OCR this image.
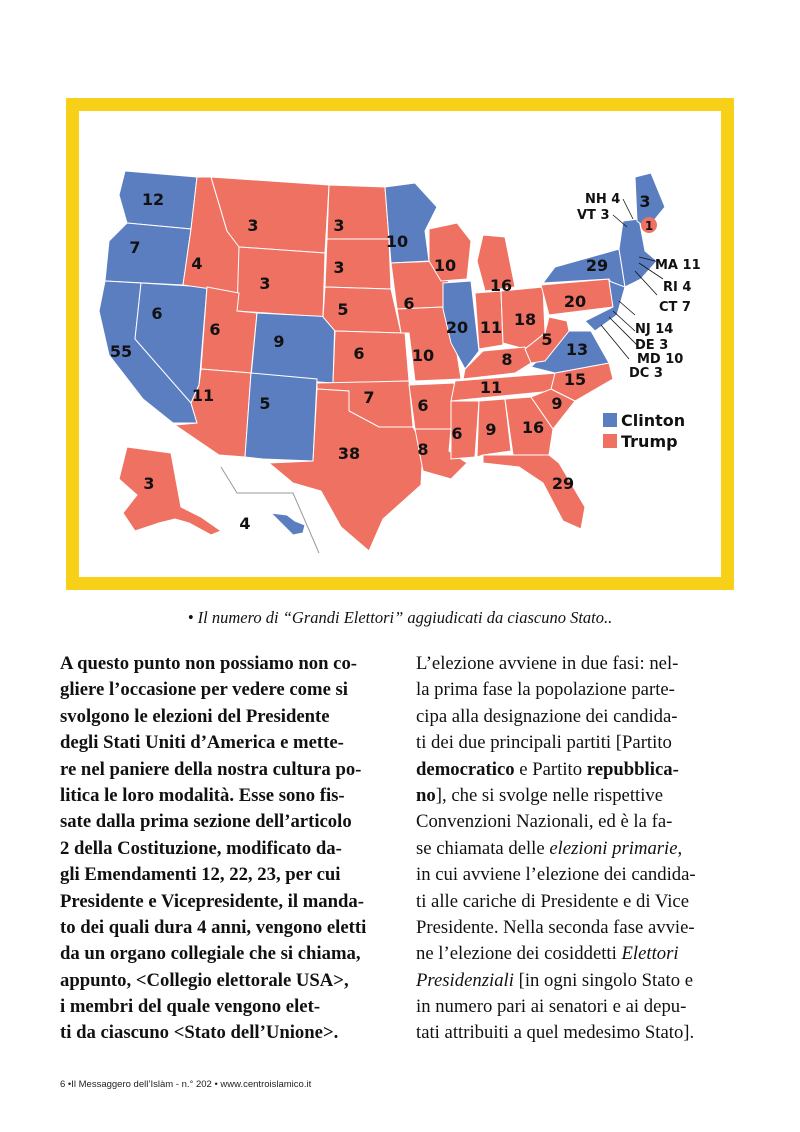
12
7
55
6
4
3
3
6
9
11	5
3
3
5
6
7
38
10
6
10
6
8
10
20
16
11 18
8
11
6 9 16
29
9
15
13
5
20
29
3
1
3
4
NH 4
VT 3
MA 11
RI 4
CT 7
NJ 14
DE 3
MD 10
DC 3
Clinton
Trump
• Il numero di “Grandi Elettori” aggiudicati da ciascuno Stato..
A questo punto non possiamo non co-
gliere l’occasione per vedere come si
svolgono le elezioni del Presidente
degli Stati Uniti d’America e mette-
re nel paniere della nostra cultura po-
litica le loro modalità. Esse sono fis-
sate dalla prima sezione dell’articolo
2 della Costituzione, modificato da-
gli Emendamenti 12, 22, 23, per cui
Presidente e Vicepresidente, il manda-
to dei quali dura 4 anni, vengono eletti
da un organo collegiale che si chiama,
appunto, <Collegio elettorale USA>,
i membri del quale vengono elet-
ti da ciascuno <Stato dell’Unione>.
L’elezione avviene in due fasi: nel-
la prima fase la popolazione parte-
cipa alla designazione dei candida-
ti dei due principali partiti [Partito
democratico e Partito repubblica-
no], che si svolge nelle rispettive
Convenzioni Nazionali, ed è la fa-
se chiamata delle elezioni primarie,
in cui avviene l’elezione dei candida-
ti alle cariche di Presidente e di Vice
Presidente. Nella seconda fase avvie-
ne l’elezione dei cosiddetti Elettori
Presidenziali [in ogni singolo Stato e
in numero pari ai senatori e ai depu-
tati attribuiti a quel medesimo Stato].
6 •Il Messaggero dell’Islàm - n.° 202 • www.centroislamico.it
